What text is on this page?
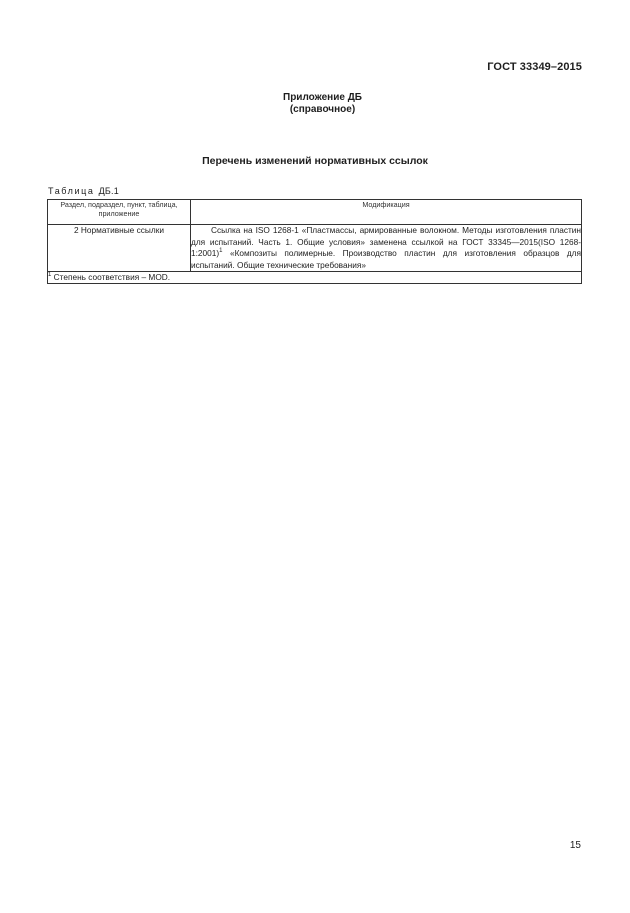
ГОСТ 33349–2015
Приложение ДБ
(справочное)
Перечень изменений нормативных ссылок
Таблица ДБ.1
Раздел, подраздел, пункт, таблица, приложение	Модификация
2 Нормативные ссылки	Ссылка на ISO 1268-1 «Пластмассы, армированные волокном. Методы изготовления пластин для испытаний. Часть 1. Общие условия» заменена ссылкой на ГОСТ 33345—2015(ISO 1268-1:2001)$^1$ «Композиты полимерные. Производство пластин для изготовления образцов для испытаний. Общие технические требования»
$^1$ Степень соответствия – MOD.	
15
